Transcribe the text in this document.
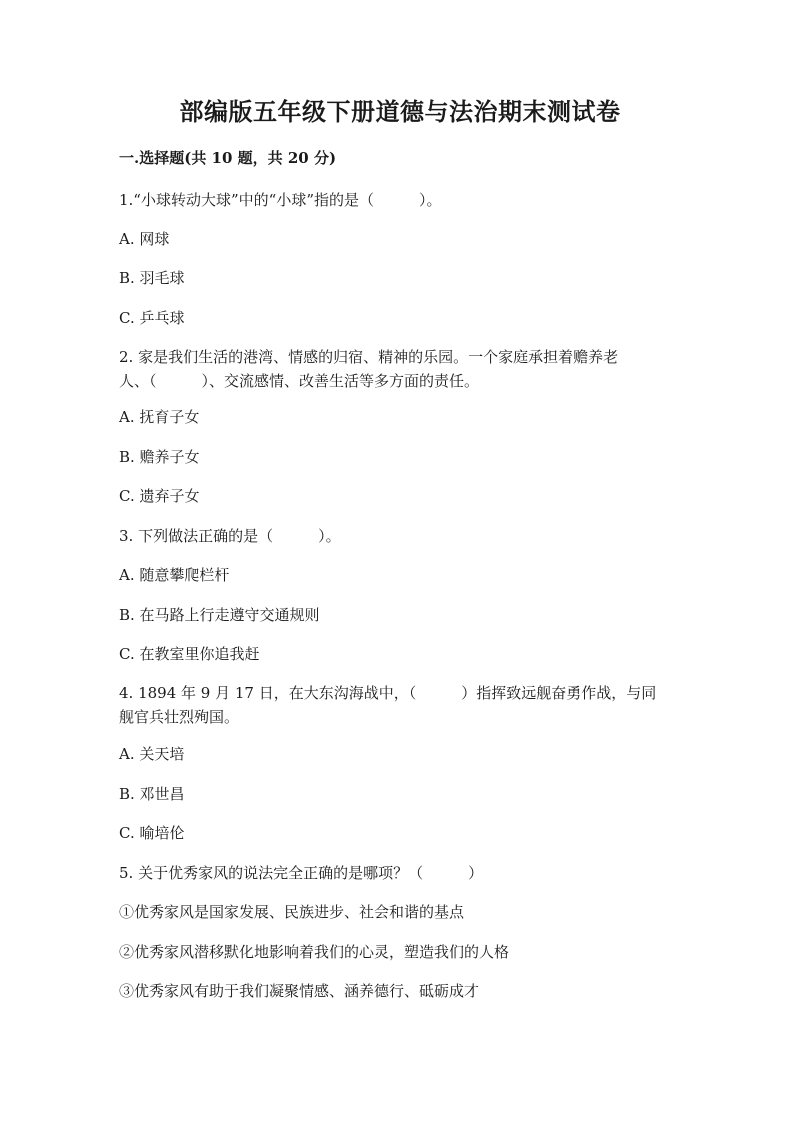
部编版五年级下册道德与法治期末测试卷
一.选择题(共 10 题，共 20 分)
1.“小球转动大球”中的“小球”指的是（　　　）。
A. 网球
B. 羽毛球
C. 乒乓球
2. 家是我们生活的港湾、情感的归宿、精神的乐园。一个家庭承担着赡养老
人、（　　　）、交流感情、改善生活等多方面的责任。
A. 抚育子女
B. 赡养子女
C. 遗弃子女
3. 下列做法正确的是（　　　）。
A. 随意攀爬栏杆
B. 在马路上行走遵守交通规则
C. 在教室里你追我赶
4. 1894 年 9 月 17 日，在大东沟海战中，（　　　）指挥致远舰奋勇作战，与同
舰官兵壮烈殉国。
A. 关天培
B. 邓世昌
C. 喻培伦
5. 关于优秀家风的说法完全正确的是哪项？（　　　）
①优秀家风是国家发展、民族进步、社会和谐的基点
②优秀家风潜移默化地影响着我们的心灵，塑造我们的人格
③优秀家风有助于我们凝聚情感、涵养德行、砥砺成才
